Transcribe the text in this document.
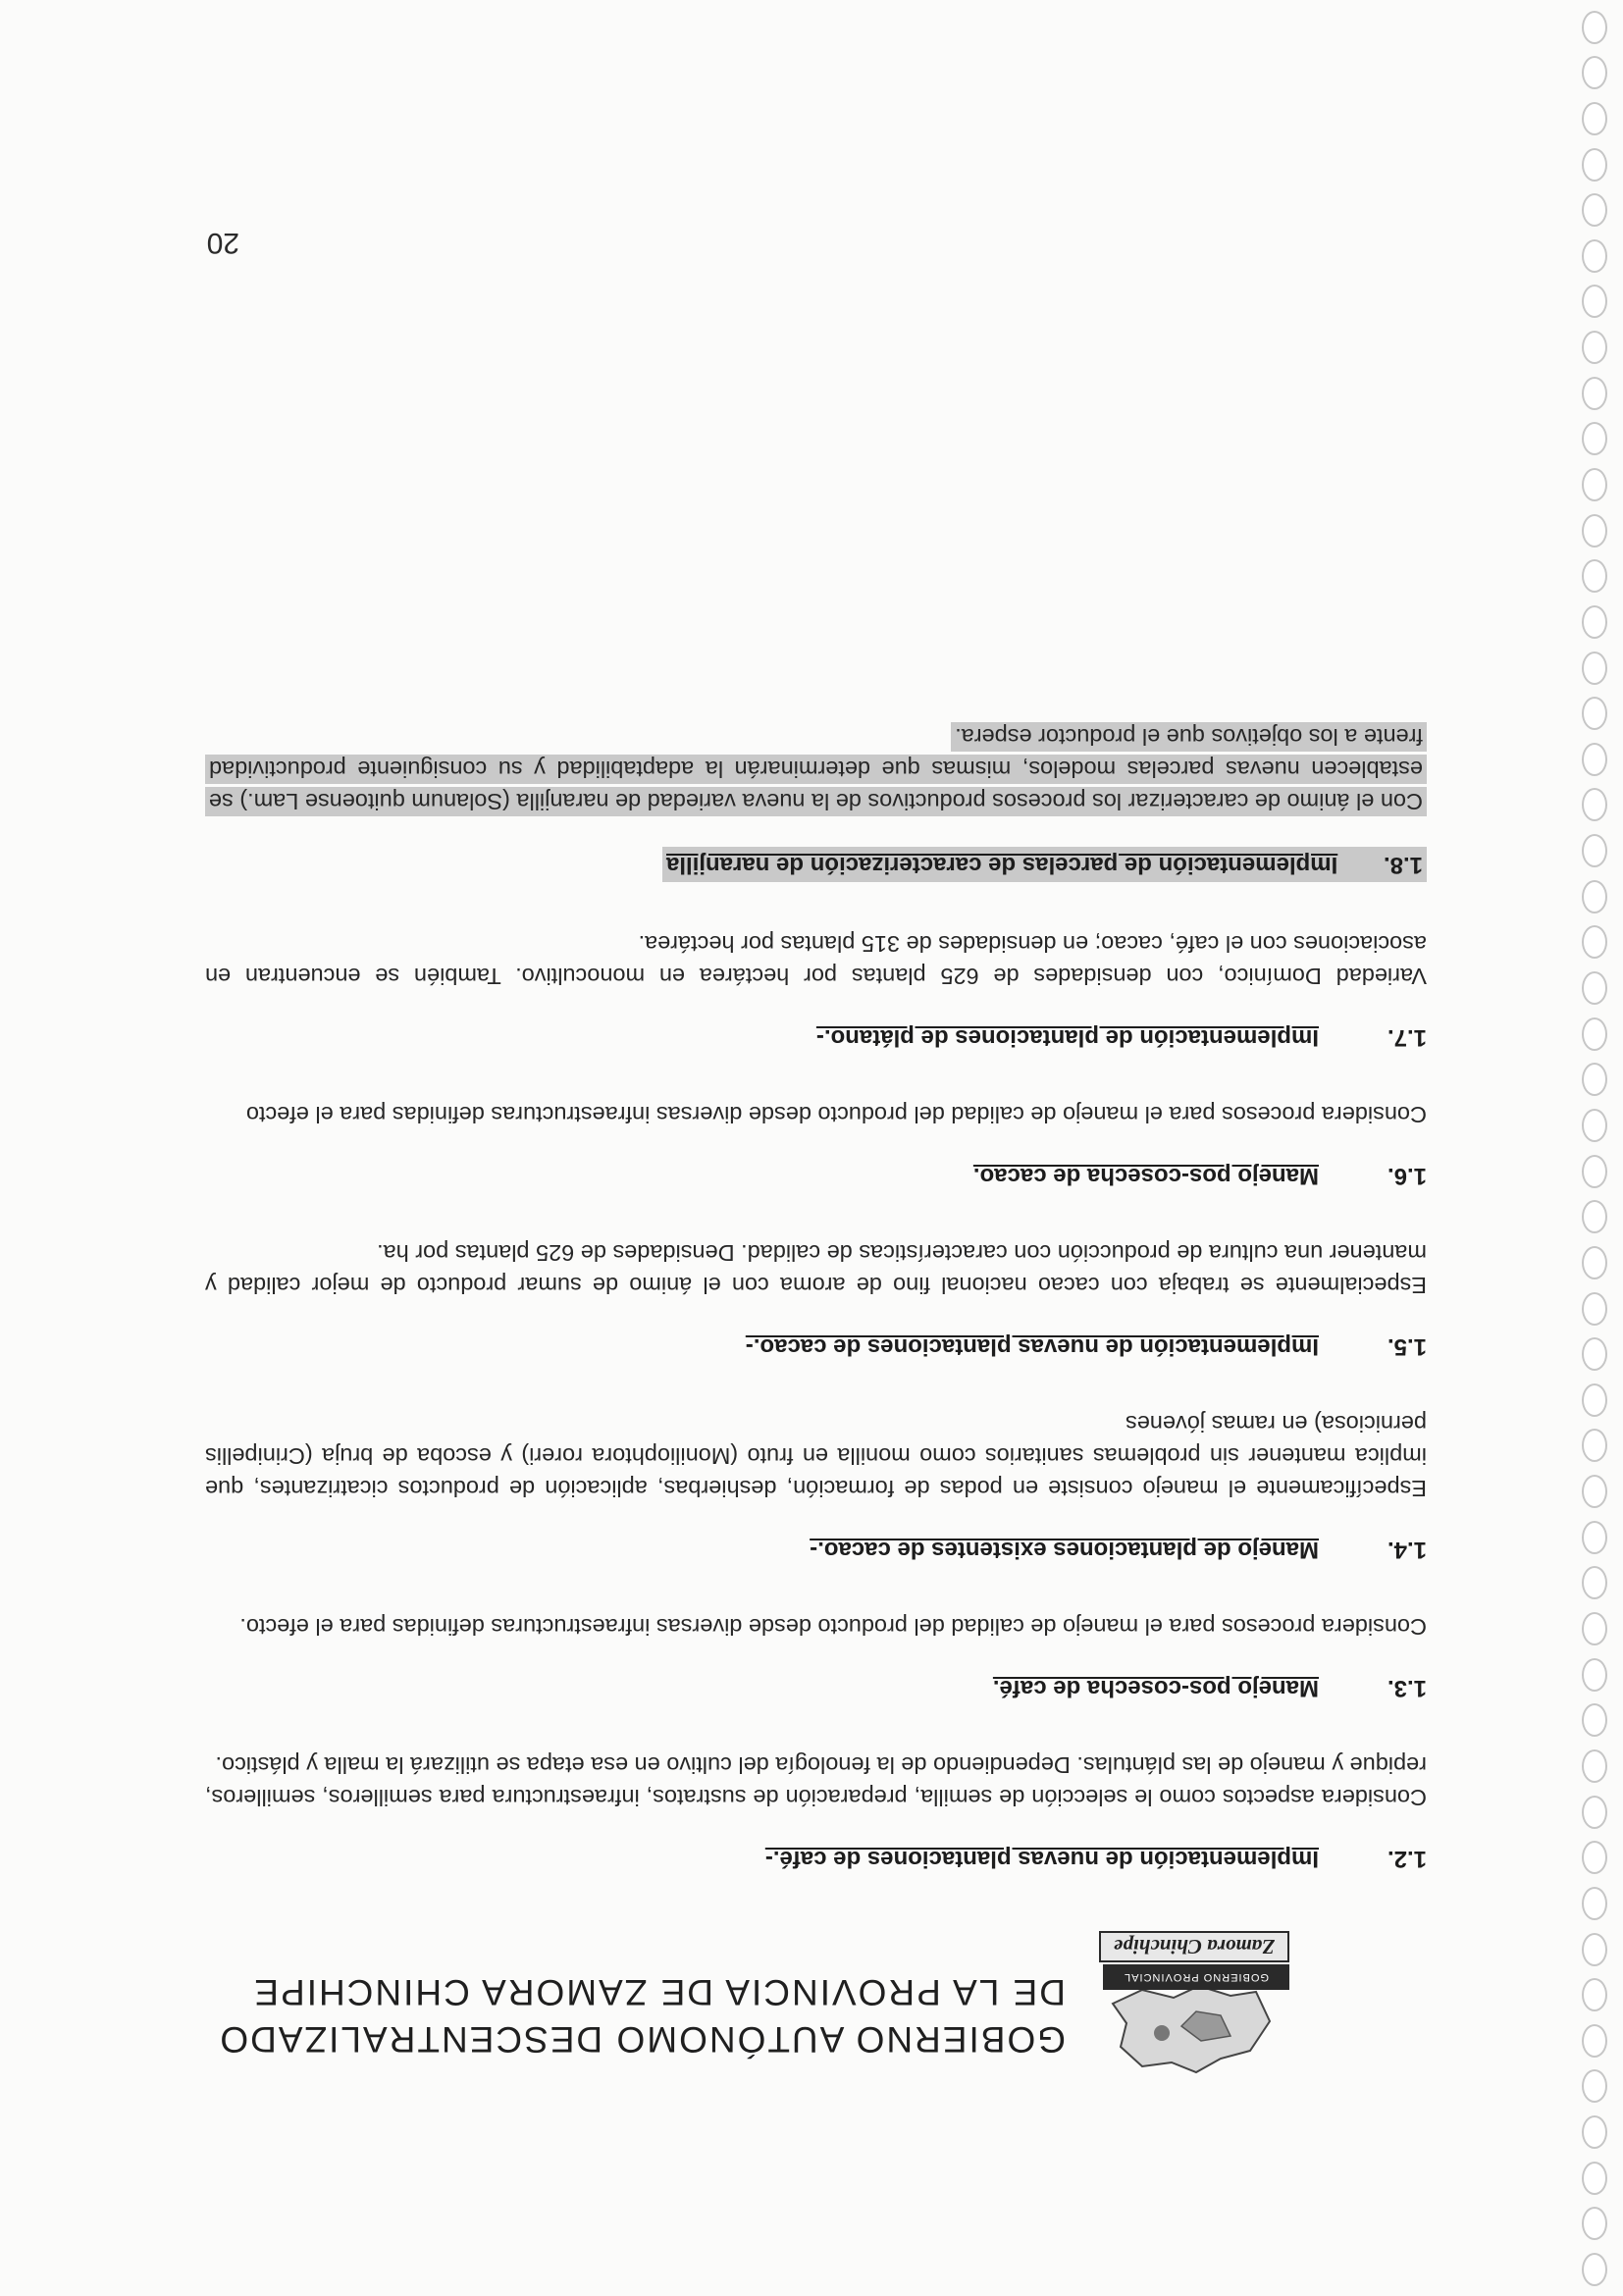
GOBIERNO PROVINCIAL
Zamora Chinchipe
GOBIERNO AUTÓNOMO DESCENTRALIZADO
DE LA PROVINCIA DE ZAMORA CHINCHIPE
1.2.
Implementación de nuevas plantaciones de café.-
Considera aspectos como le selección de semilla, preparación de sustratos, infraestructura para semilleros, semilleros, repique y manejo de las plántulas. Dependiendo de la fenología del cultivo en esa etapa se utilizará la malla y plástico.
1.3.
Manejo pos-cosecha de café.
Considera procesos para el manejo de calidad del producto desde diversas infraestructuras definidas para el efecto.
1.4.
Manejo de plantaciones existentes de cacao.-
Específicamente el manejo consiste en podas de formación, deshierbas, aplicación de productos cicatrizantes, que implica mantener sin problemas sanitarios como monilla en fruto (Moniliophtora roreri) y escoba de bruja (Crinipellis perniciosa) en ramas jóvenes
1.5.
Implementación de nuevas plantaciones de cacao.-
Especialmente se trabaja con cacao nacional fino de aroma con el ánimo de sumar producto de mejor calidad y mantener una cultura de producción con características de calidad. Densidades de 625 plantas por ha.
1.6.
Manejo pos-cosecha de cacao.
Considera procesos para el manejo de calidad del producto desde diversas infraestructuras definidas para el efecto
1.7.
Implementación de plantaciones de plátano.-
Variedad Domínico, con densidades de 625 plantas por hectárea en monocultivo. También se encuentran en asociaciones con el café, cacao; en densidades de 315 plantas por hectárea.
1.8.       Implementación de parcelas de caracterización de naranjilla
Con el ánimo de caracterizar los procesos productivos de la nueva variedad de naranjilla (Solanum quitoense Lam.) se establecen nuevas parcelas modelos, mismas que determinarán la adaptabilidad y su consiguiente productividad frente a los objetivos que el productor espera.
20
